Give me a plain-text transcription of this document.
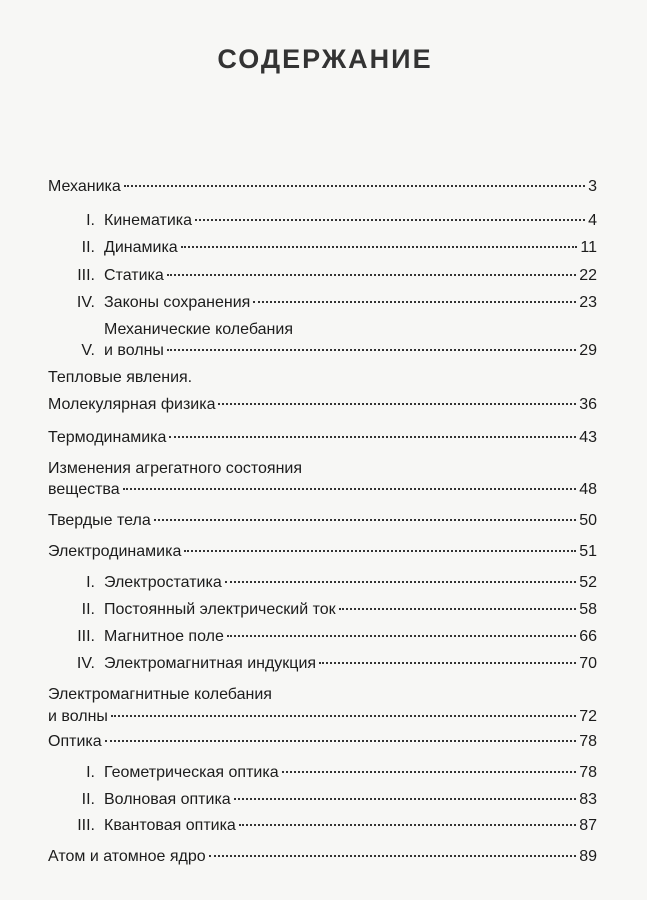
СОДЕРЖАНИЕ
Механика	3
I. Кинематика	4
II. Динамика	11
III. Статика	22
IV. Законы сохранения	23
Механические колебания
V. и волны	29
Тепловые явления.
Молекулярная физика	36
Термодинамика	43
Изменения агрегатного состояния
вещества	48
Твердые тела	50
Электродинамика	51
I. Электростатика	52
II. Постоянный электрический ток	58
III. Магнитное поле	66
IV. Электромагнитная индукция	70
Электромагнитные колебания
и волны	72
Оптика	78
I. Геометрическая оптика	78
II. Волновая оптика	83
III. Квантовая оптика	87
Атом и атомное ядро	89
